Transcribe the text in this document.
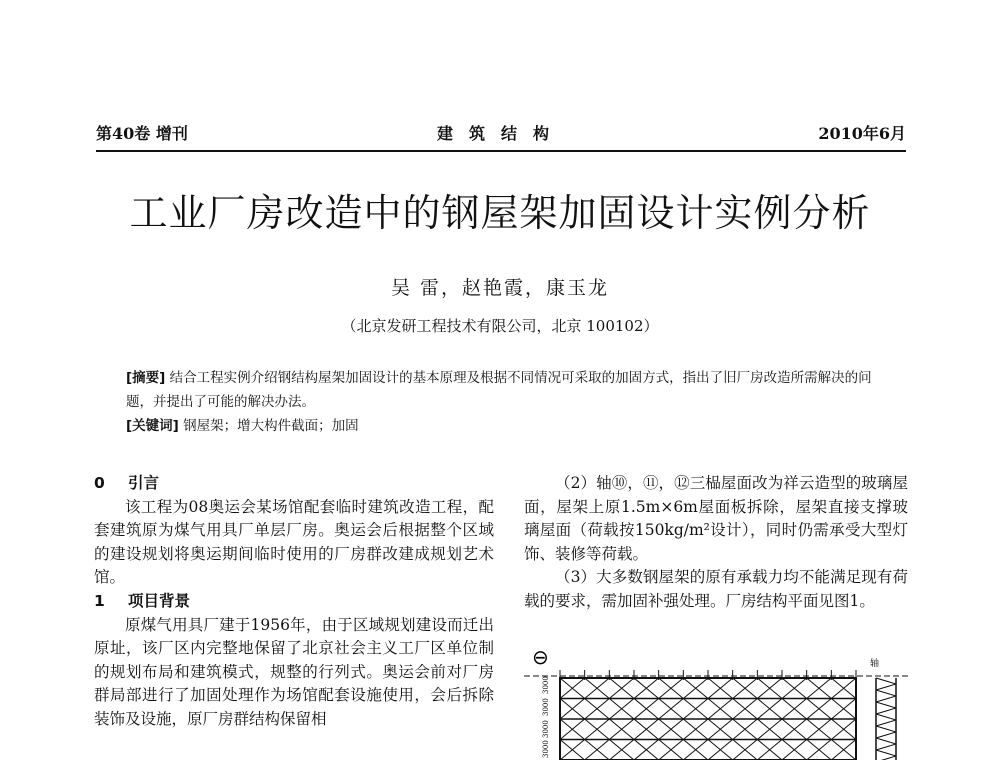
第40卷 增刊	建筑结构	2010年6月
工业厂房改造中的钢屋架加固设计实例分析
吴 雷，赵艳霞，康玉龙
（北京发研工程技术有限公司，北京 100102）
[摘要] 结合工程实例介绍钢结构屋架加固设计的基本原理及根据不同情况可采取的加固方式，指出了旧厂房改造所需解决的问题，并提出了可能的解决办法。
[关键词] 钢屋架；增大构件截面；加固
0 引言

该工程为08奥运会某场馆配套临时建筑改造工程，配套建筑原为煤气用具厂单层厂房。奥运会后根据整个区域的建设规划将奥运期间临时使用的厂房群改建成规划艺术馆。

1 项目背景

原煤气用具厂建于1956年，由于区域规划建设而迁出原址，该厂区内完整地保留了北京社会主义工厂区单位制的规划布局和建筑模式，规整的行列式。奥运会前对厂房群局部进行了加固处理作为场馆配套设施使用，会后拆除装饰及设施，原厂房群结构保留相

（2）轴⑩，⑪，⑫三榀屋面改为祥云造型的玻璃屋面，屋架上原1.5m×6m屋面板拆除，屋架直接支撑玻璃屋面（荷载按150kg/m²设计），同时仍需承受大型灯饰、装修等荷载。

（3）大多数钢屋架的原有承载力均不能满足现有荷载的要求，需加固补强处理。厂房结构平面见图1。

⊖
3000
3000
3000
3000
轴
